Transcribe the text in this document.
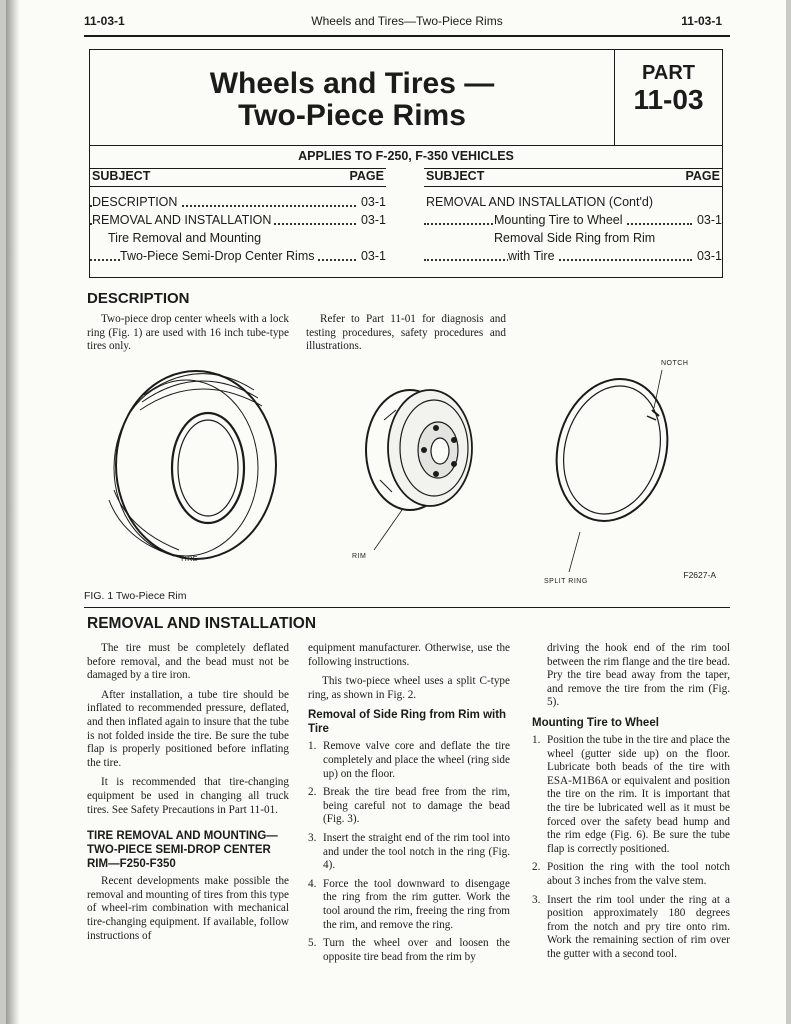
11-03-1	Wheels and Tires—Two-Piece Rims	11-03-1
Wheels and Tires —
Two-Piece Rims
PART
11-03
APPLIES TO F-250, F-350 VEHICLES
SUBJECT	PAGE
DESCRIPTION	03-1
REMOVAL AND INSTALLATION	03-1
Tire Removal and Mounting
Two-Piece Semi-Drop Center Rims	03-1
SUBJECT	PAGE
REMOVAL AND INSTALLATION (Cont'd)
Mounting Tire to Wheel	03-1
Removal Side Ring from Rim
with Tire	03-1
DESCRIPTION

Two-piece drop center wheels with a lock ring (Fig. 1) are used with 16 inch tube-type tires only.

Refer to Part 11-01 for diagnosis and testing procedures, safety procedures and illustrations.

NOTCH
TIRE	RIM
SPLIT RING
F2627-A
FIG. 1 Two-Piece Rim
REMOVAL AND INSTALLATION

The tire must be completely deflated before removal, and the bead must not be damaged by a tire iron.

After installation, a tube tire should be inflated to recommended pressure, deflated, and then inflated again to insure that the tube is not folded inside the tire. Be sure the tube flap is properly positioned before inflating the tire.

It is recommended that tire-changing equipment be used in changing all truck tires. See Safety Precautions in Part 11-01.

TIRE REMOVAL AND MOUNTING—TWO-PIECE SEMI-DROP CENTER RIM—F250-F350

Recent developments make possible the removal and mounting of tires from this type of wheel-rim combination with mechanical tire-changing equipment. If available, follow instructions of

equipment manufacturer. Otherwise, use the following instructions.

This two-piece wheel uses a split C-type ring, as shown in Fig. 2.

Removal of Side Ring from Rim with Tire
1. Remove valve core and deflate the tire completely and place the wheel (ring side up) on the floor.
2. Break the tire bead free from the rim, being careful not to damage the bead (Fig. 3).
3. Insert the straight end of the rim tool into and under the tool notch in the ring (Fig. 4).
4. Force the tool downward to disengage the ring from the rim gutter. Work the tool around the rim, freeing the ring from the rim, and remove the ring.
5. Turn the wheel over and loosen the opposite tire bead from the rim by

driving the hook end of the rim tool between the rim flange and the tire bead. Pry the tire bead away from the taper, and remove the tire from the rim (Fig. 5).

Mounting Tire to Wheel
1. Position the tube in the tire and place the wheel (gutter side up) on the floor. Lubricate both beads of the tire with ESA-M1B6A or equivalent and position the tire on the rim. It is important that the tire be lubricated well as it must be forced over the safety bead hump and the rim edge (Fig. 6). Be sure the tube flap is correctly positioned.
2. Position the ring with the tool notch about 3 inches from the valve stem.
3. Insert the rim tool under the ring at a position approximately 180 degrees from the notch and pry tire onto rim. Work the remaining section of rim over the gutter with a second tool.
